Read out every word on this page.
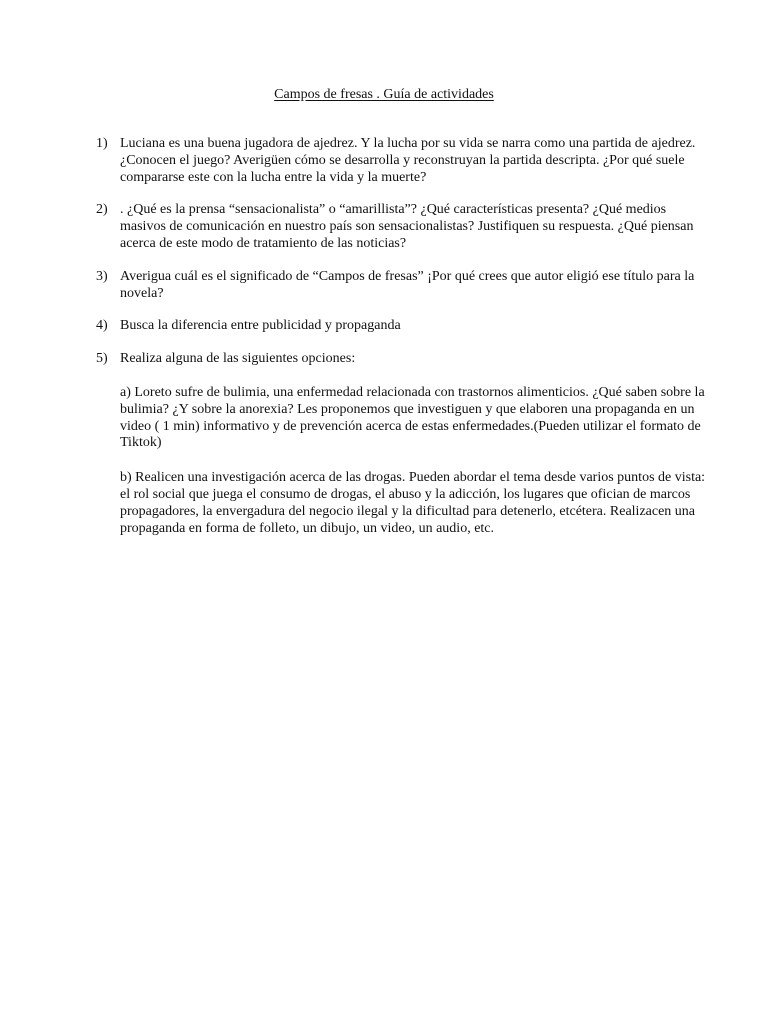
Campos de fresas . Guía de actividades
1) Luciana es una buena jugadora de ajedrez. Y la lucha por su vida se narra como una partida de ajedrez. ¿Conocen el juego? Averigüen cómo se desarrolla y reconstruyan la partida descripta. ¿Por qué suele compararse este con la lucha entre la vida y la muerte?
2) . ¿Qué es la prensa “sensacionalista” o “amarillista”? ¿Qué características presenta? ¿Qué medios masivos de comunicación en nuestro país son sensacionalistas? Justifiquen su respuesta. ¿Qué piensan acerca de este modo de tratamiento de las noticias?
3) Averigua cuál es el significado de “Campos de fresas” ¡Por qué crees que autor eligió ese título para la novela?
4) Busca la diferencia entre publicidad y propaganda
5) Realiza alguna de las siguientes opciones:
a) Loreto sufre de bulimia, una enfermedad relacionada con trastornos alimenticios. ¿Qué saben sobre la bulimia? ¿Y sobre la anorexia? Les proponemos que investiguen y que elaboren una propaganda en un video ( 1 min) informativo y de prevención acerca de estas enfermedades.(Pueden utilizar el formato de Tiktok)
b) Realicen una investigación acerca de las drogas. Pueden abordar el tema desde varios puntos de vista: el rol social que juega el consumo de drogas, el abuso y la adicción, los lugares que ofician de marcos propagadores, la envergadura del negocio ilegal y la dificultad para detenerlo, etcétera. Realizacen una propaganda en forma de folleto, un dibujo, un video, un audio, etc.
